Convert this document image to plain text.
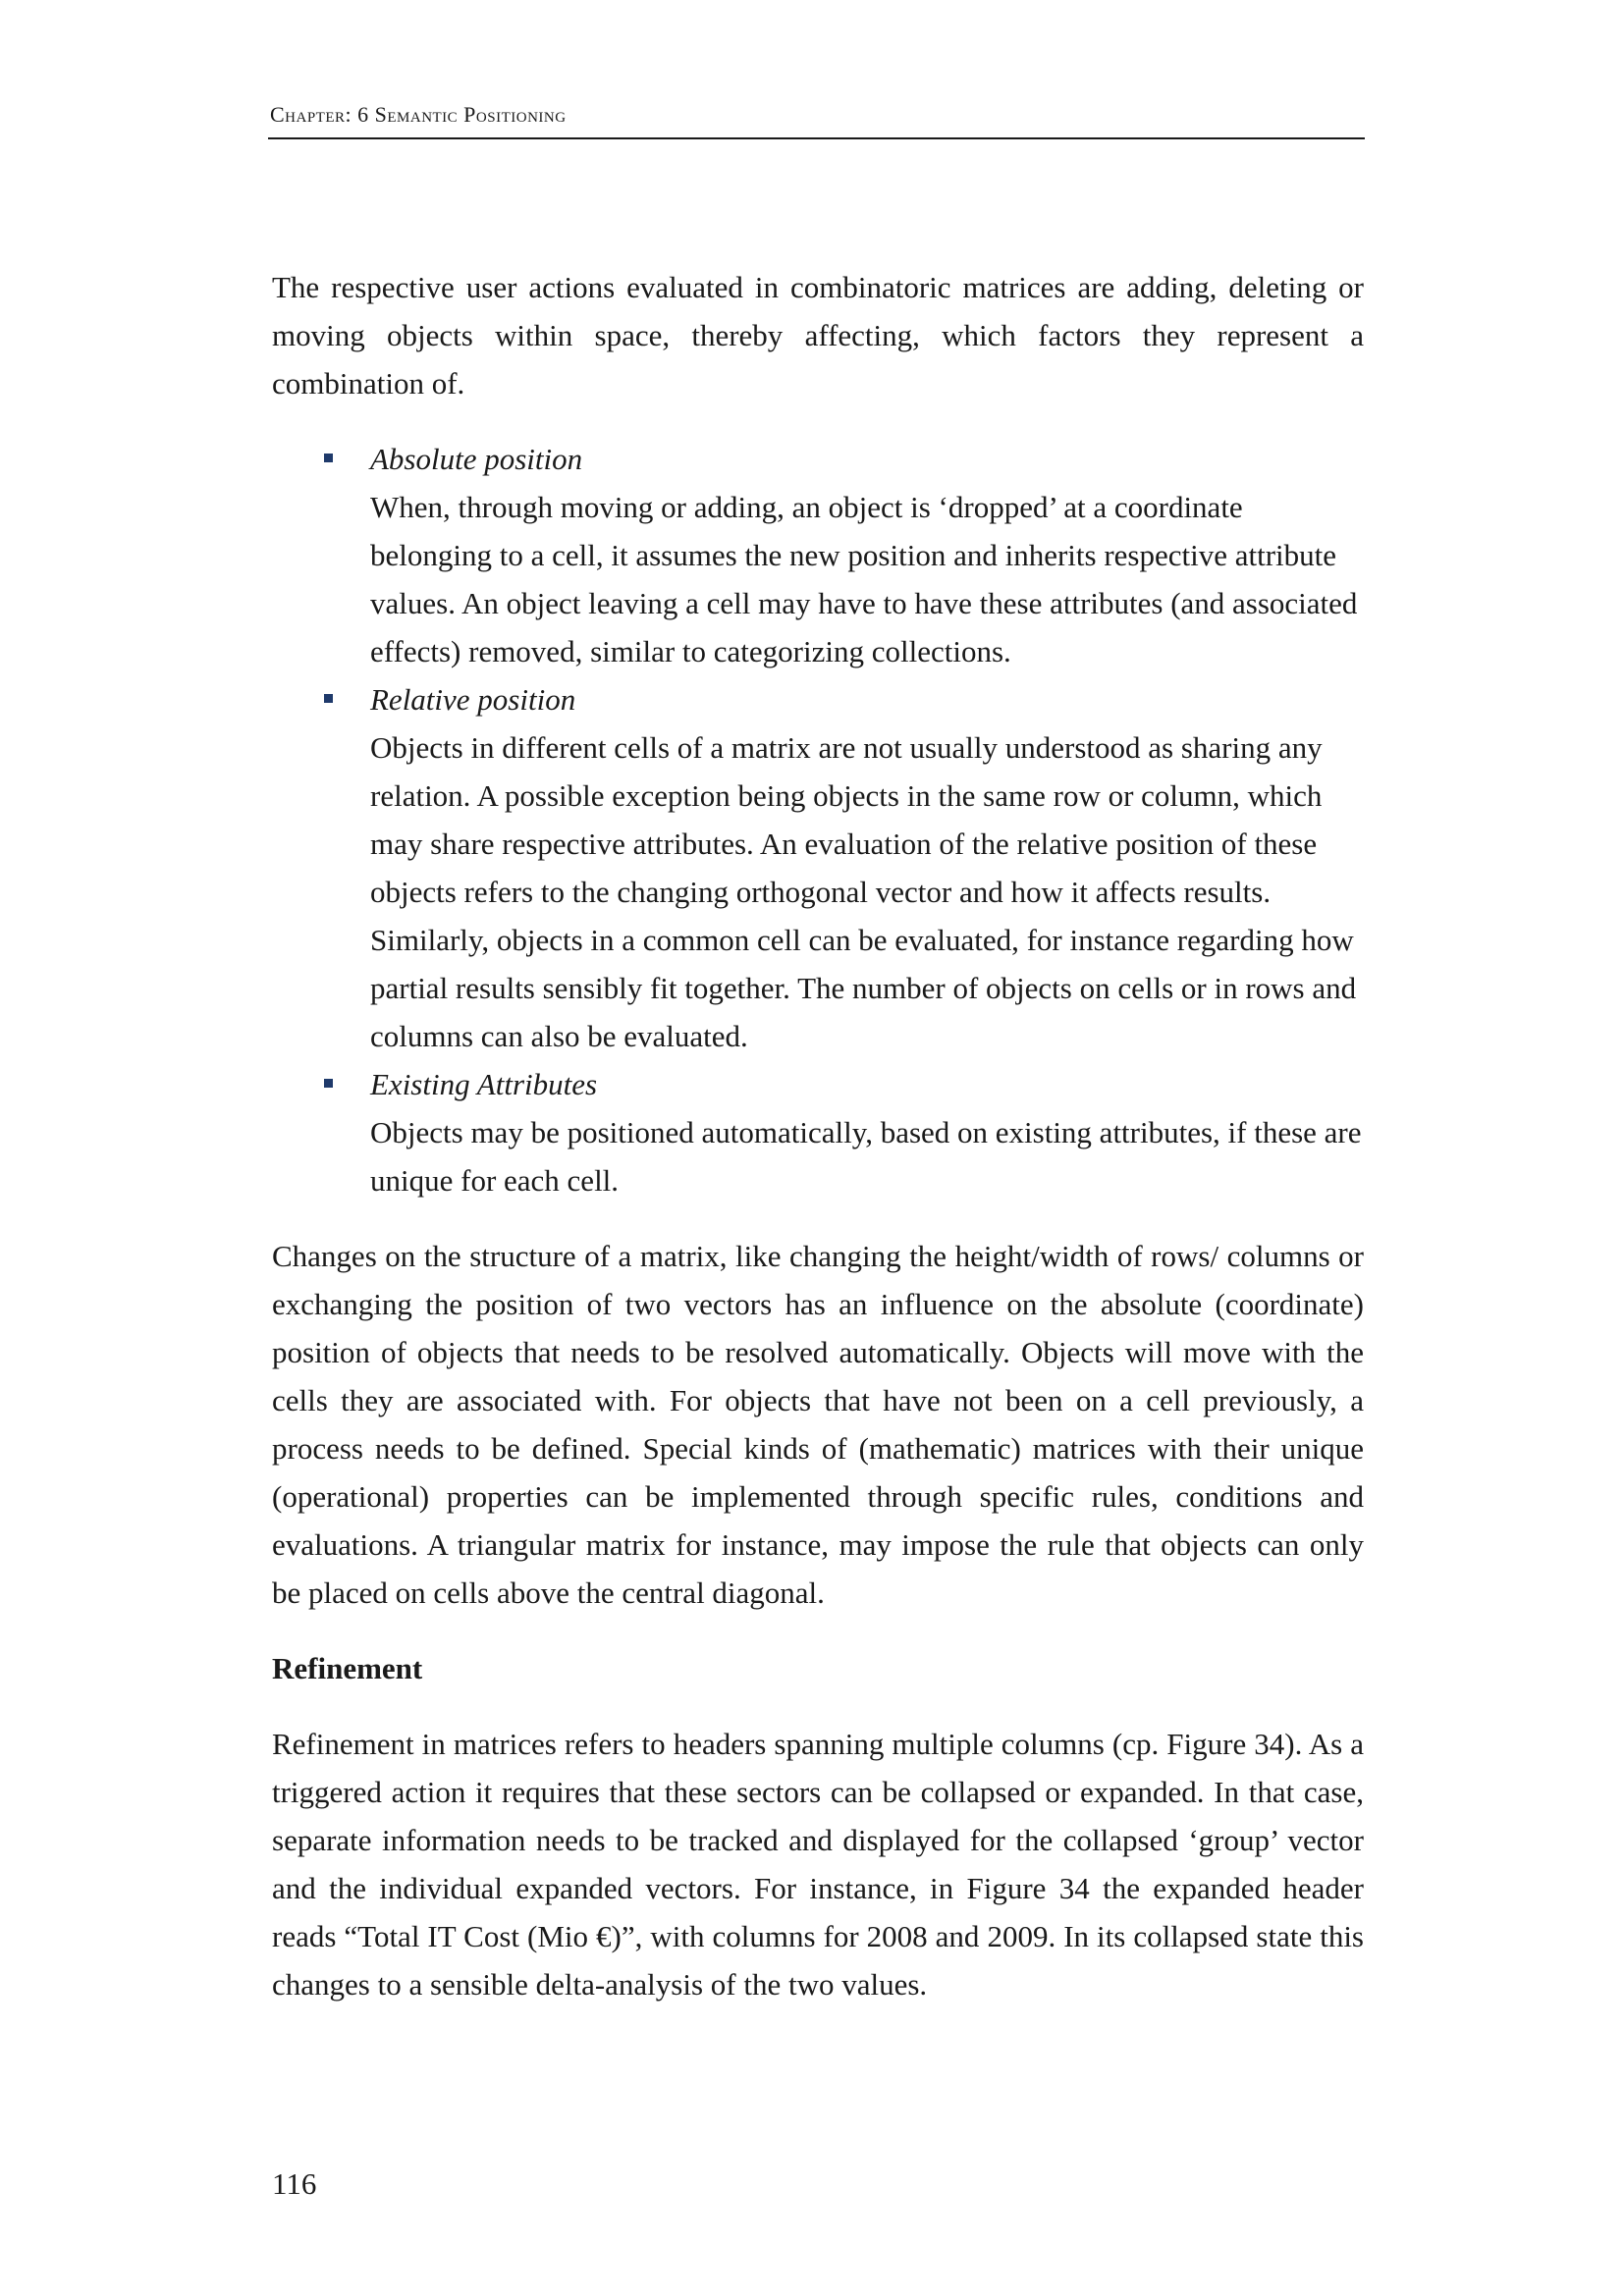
Chapter: 6 Semantic Positioning

The respective user actions evaluated in combinatoric matrices are adding, deleting or moving objects within space, thereby affecting, which factors they represent a combination of.

Absolute position
When, through moving or adding, an object is ‘dropped’ at a coordinate belonging to a cell, it assumes the new position and inherits respective attribute values. An object leaving a cell may have to have these attributes (and associated effects) removed, similar to categorizing collections.
Relative position
Objects in different cells of a matrix are not usually understood as sharing any relation. A possible exception being objects in the same row or column, which may share respective attributes. An evaluation of the relative position of these objects refers to the changing orthogonal vector and how it affects results. Similarly, objects in a common cell can be evaluated, for instance regarding how partial results sensibly fit together. The number of objects on cells or in rows and columns can also be evaluated.
Existing Attributes
Objects may be positioned automatically, based on existing attributes, if these are unique for each cell.

Changes on the structure of a matrix, like changing the height/width of rows/ columns or exchanging the position of two vectors has an influence on the absolute (coordinate) position of objects that needs to be resolved automatically. Objects will move with the cells they are associated with. For objects that have not been on a cell previously, a process needs to be defined. Special kinds of (mathematic) matrices with their unique (operational) properties can be implemented through specific rules, conditions and evaluations. A triangular matrix for instance, may impose the rule that objects can only be placed on cells above the central diagonal.

Refinement

Refinement in matrices refers to headers spanning multiple columns (cp. Figure 34). As a triggered action it requires that these sectors can be collapsed or expanded. In that case, separate information needs to be tracked and displayed for the collapsed ‘group’ vector and the individual expanded vectors. For instance, in Figure 34 the expanded header reads “Total IT Cost (Mio €)”, with columns for 2008 and 2009. In its collapsed state this changes to a sensible delta-analysis of the two values.

116
